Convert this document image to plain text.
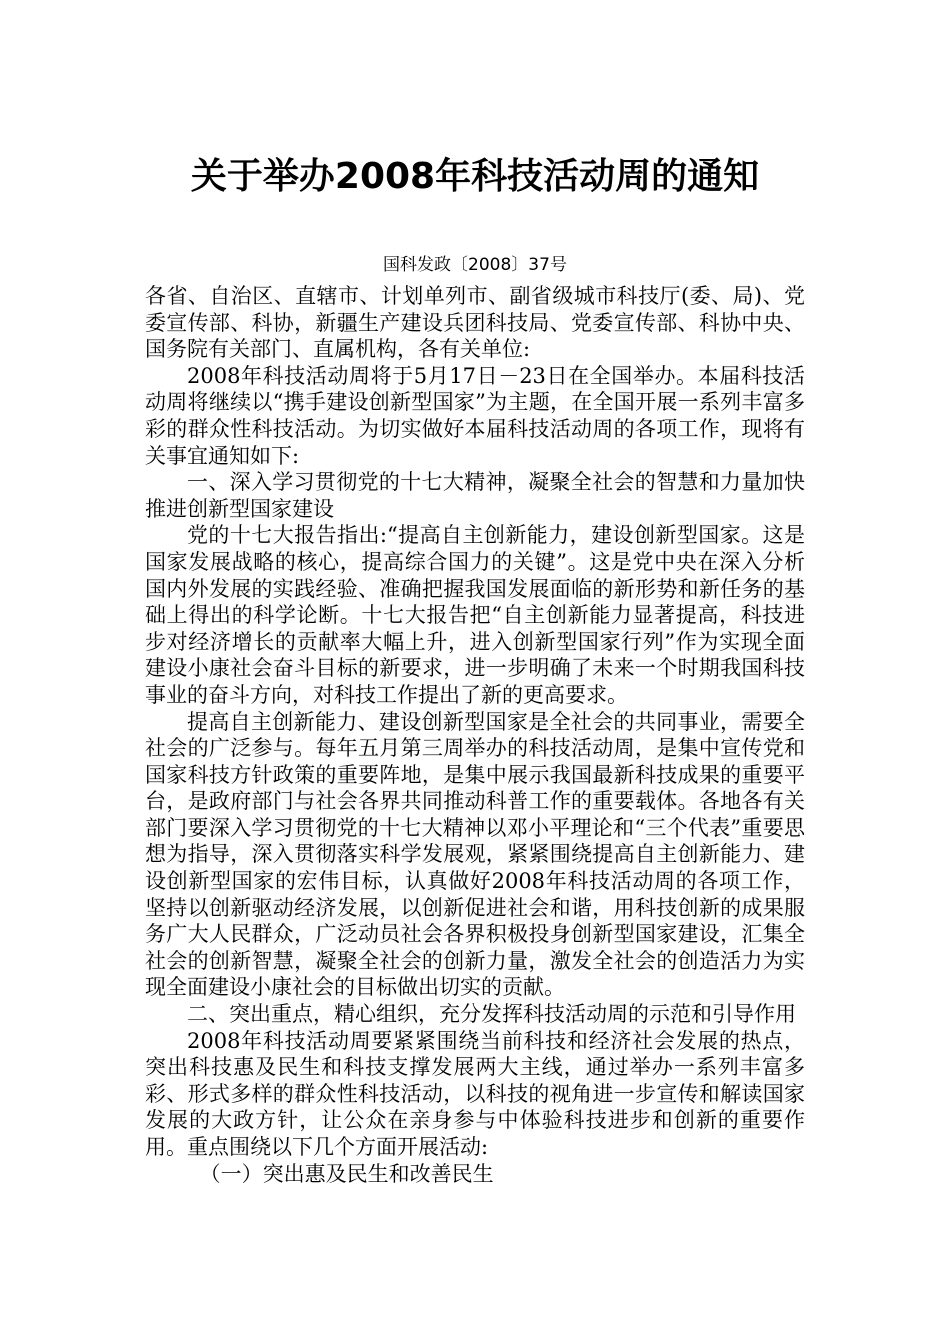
关于举办2008年科技活动周的通知
国科发政〔2008〕37号

各省、自治区、直辖市、计划单列市、副省级城市科技厅(委、局)、党委宣传部、科协，新疆生产建设兵团科技局、党委宣传部、科协中央、国务院有关部门、直属机构，各有关单位:

2008年科技活动周将于5月17日－23日在全国举办。本届科技活动周将继续以“携手建设创新型国家”为主题，在全国开展一系列丰富多彩的群众性科技活动。为切实做好本届科技活动周的各项工作，现将有关事宜通知如下:

一、深入学习贯彻党的十七大精神，凝聚全社会的智慧和力量加快推进创新型国家建设

党的十七大报告指出:“提高自主创新能力，建设创新型国家。这是国家发展战略的核心，提高综合国力的关键”。这是党中央在深入分析国内外发展的实践经验、准确把握我国发展面临的新形势和新任务的基础上得出的科学论断。十七大报告把“自主创新能力显著提高，科技进步对经济增长的贡献率大幅上升，进入创新型国家行列”作为实现全面建设小康社会奋斗目标的新要求，进一步明确了未来一个时期我国科技事业的奋斗方向，对科技工作提出了新的更高要求。

提高自主创新能力、建设创新型国家是全社会的共同事业，需要全社会的广泛参与。每年五月第三周举办的科技活动周，是集中宣传党和国家科技方针政策的重要阵地，是集中展示我国最新科技成果的重要平台，是政府部门与社会各界共同推动科普工作的重要载体。各地各有关部门要深入学习贯彻党的十七大精神以邓小平理论和“三个代表”重要思想为指导，深入贯彻落实科学发展观，紧紧围绕提高自主创新能力、建设创新型国家的宏伟目标，认真做好2008年科技活动周的各项工作，坚持以创新驱动经济发展，以创新促进社会和谐，用科技创新的成果服务广大人民群众，广泛动员社会各界积极投身创新型国家建设，汇集全社会的创新智慧，凝聚全社会的创新力量，激发全社会的创造活力为实现全面建设小康社会的目标做出切实的贡献。

二、突出重点，精心组织，充分发挥科技活动周的示范和引导作用

2008年科技活动周要紧紧围绕当前科技和经济社会发展的热点，突出科技惠及民生和科技支撑发展两大主线，通过举办一系列丰富多彩、形式多样的群众性科技活动，以科技的视角进一步宣传和解读国家发展的大政方针，让公众在亲身参与中体验科技进步和创新的重要作用。重点围绕以下几个方面开展活动:

（一）突出惠及民生和改善民生
